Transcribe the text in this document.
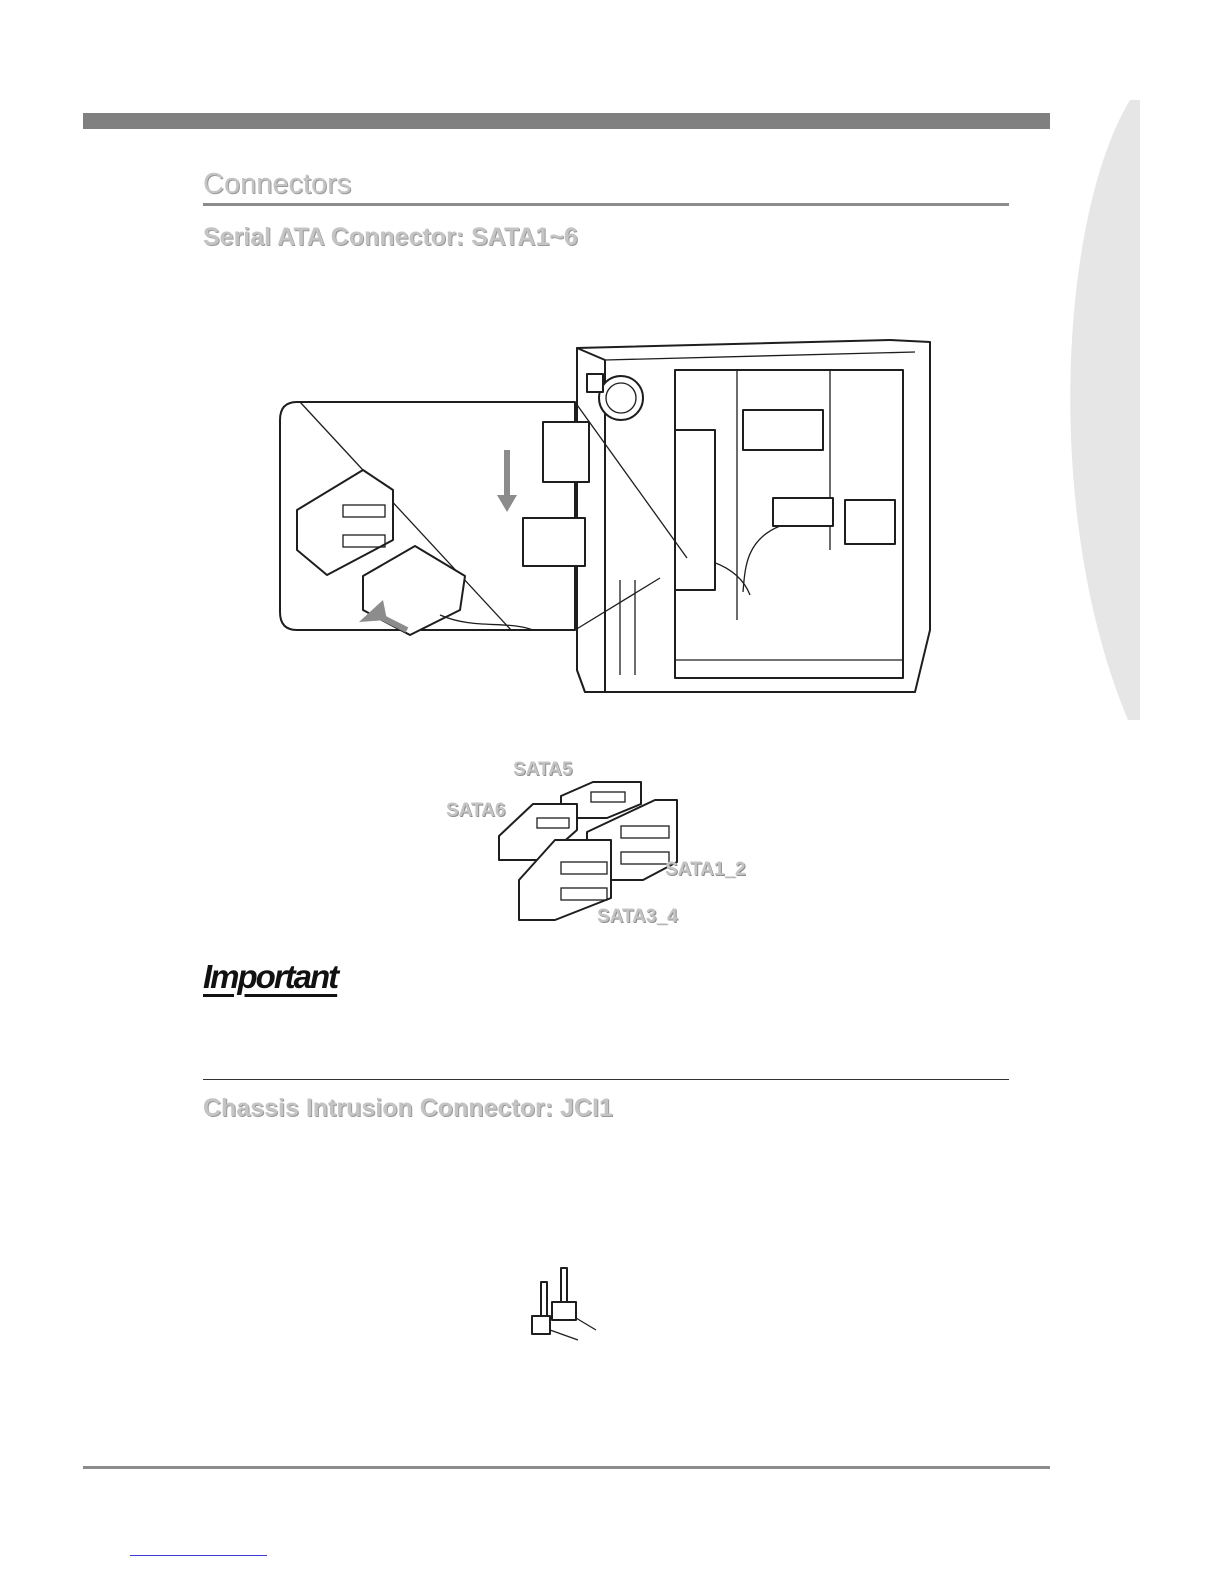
Connectors
Serial ATA Connector: SATA1~6
SATA5
SATA6
SATA1_2
SATA3_4
Important
Chassis Intrusion Connector: JCI1
